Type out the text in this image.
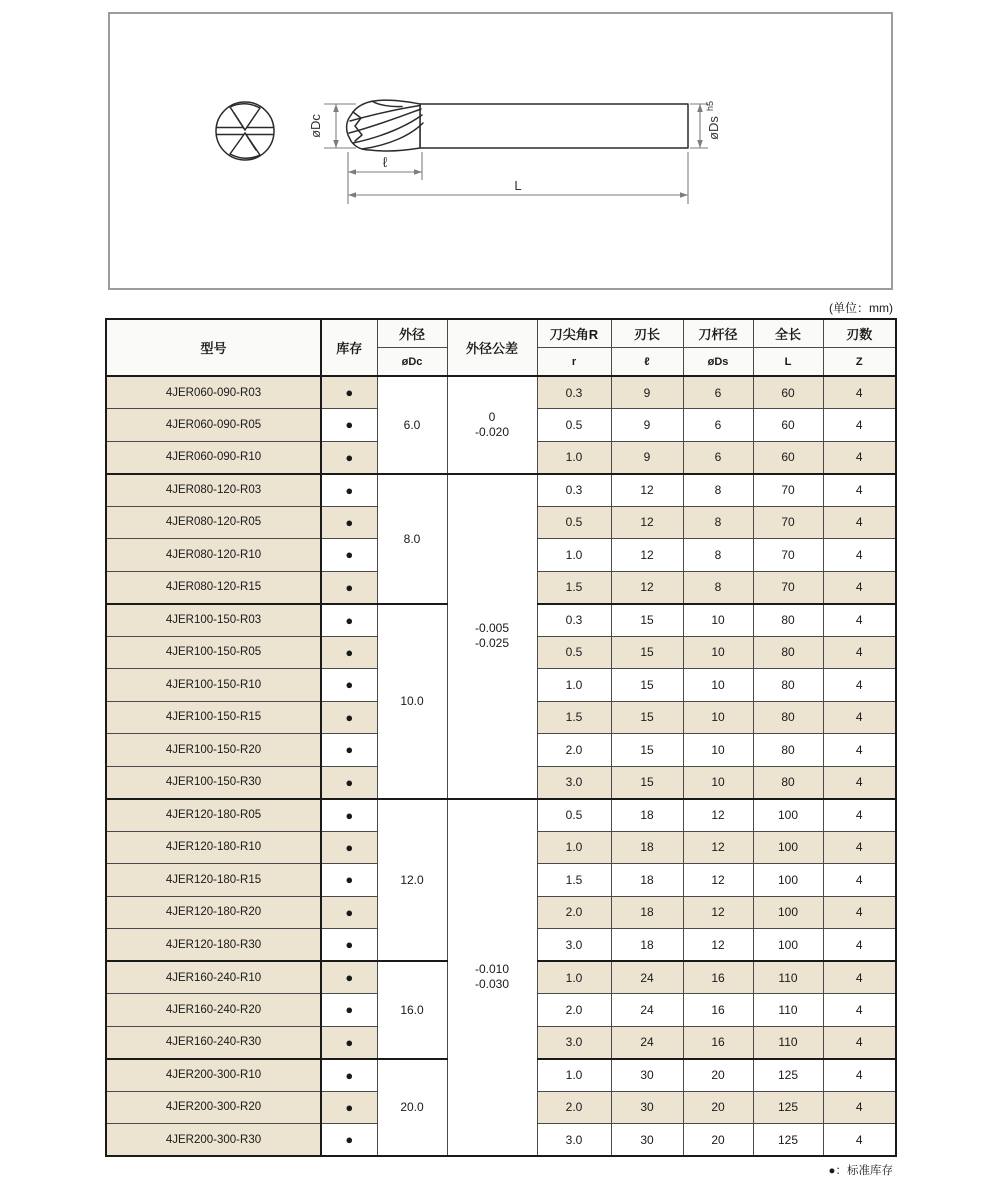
øDc
ℓ
L
øDs
h5
(单位：mm)
型号	库存	外径	外径公差	刀尖角R	刃长	刀杆径	全长	刃数
		øDc		r	ℓ	øDs	L	Z
4JER060-090-R03	●	6.0	0
-0.020	0.3	9	6	60	4
4JER060-090-R05	●			0.5	9	6	60	4
4JER060-090-R10	●			1.0	9	6	60	4
4JER080-120-R03	●	8.0	-0.005
-0.025	0.3	12	8	70	4
4JER080-120-R05	●			0.5	12	8	70	4
4JER080-120-R10	●			1.0	12	8	70	4
4JER080-120-R15	●			1.5	12	8	70	4
4JER100-150-R03	●	10.0		0.3	15	10	80	4
4JER100-150-R05	●			0.5	15	10	80	4
4JER100-150-R10	●			1.0	15	10	80	4
4JER100-150-R15	●			1.5	15	10	80	4
4JER100-150-R20	●			2.0	15	10	80	4
4JER100-150-R30	●			3.0	15	10	80	4
4JER120-180-R05	●	12.0	-0.010
-0.030	0.5	18	12	100	4
4JER120-180-R10	●			1.0	18	12	100	4
4JER120-180-R15	●			1.5	18	12	100	4
4JER120-180-R20	●			2.0	18	12	100	4
4JER120-180-R30	●			3.0	18	12	100	4
4JER160-240-R10	●	16.0		1.0	24	16	110	4
4JER160-240-R20	●			2.0	24	16	110	4
4JER160-240-R30	●			3.0	24	16	110	4
4JER200-300-R10	●	20.0		1.0	30	20	125	4
4JER200-300-R20	●			2.0	30	20	125	4
4JER200-300-R30	●			3.0	30	20	125	4
●：标准库存
